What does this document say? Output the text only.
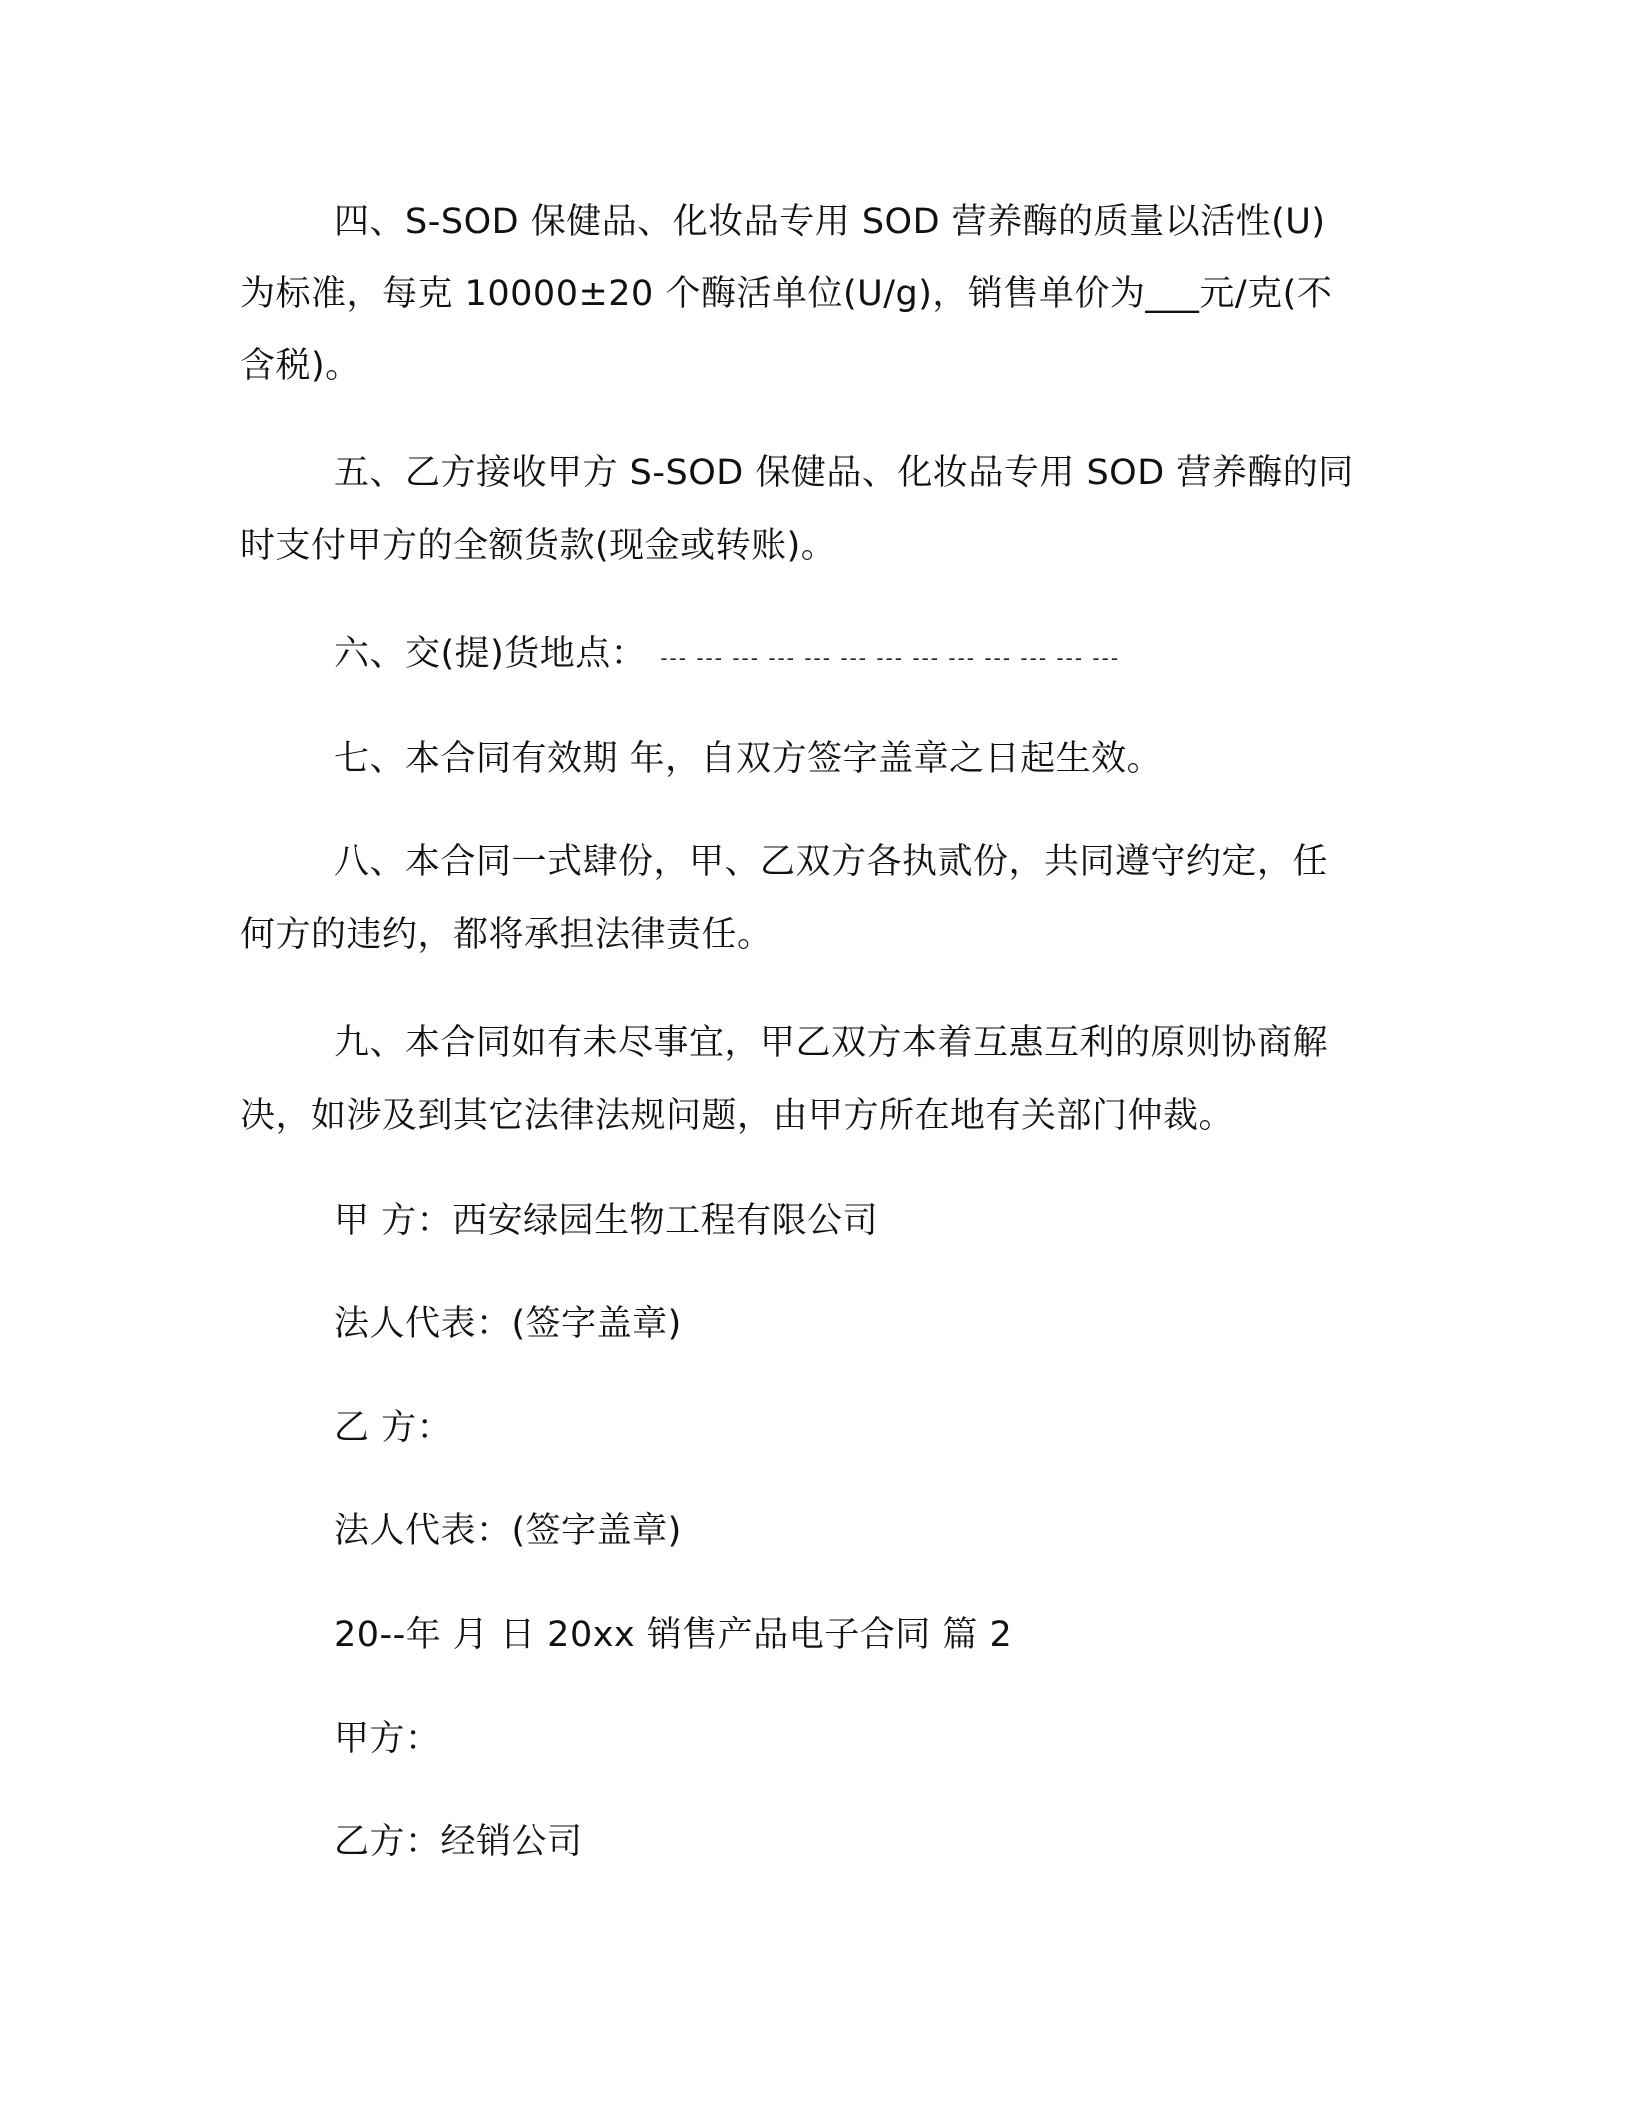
四、S-SOD 保健品、化妆品专用 SOD 营养酶的质量以活性(U)
为标准，每克 10000±20 个酶活单位(U/g)，销售单价为___元/克(不
含税)。
五、乙方接收甲方 S-SOD 保健品、化妆品专用 SOD 营养酶的同
时支付甲方的全额货款(现金或转账)。
六、交(提)货地点： --- --- --- --- --- --- --- --- --- --- --- --- ---
七、本合同有效期 年，自双方签字盖章之日起生效。
八、本合同一式肆份，甲、乙双方各执贰份，共同遵守约定，任
何方的违约，都将承担法律责任。
九、本合同如有未尽事宜，甲乙双方本着互惠互利的原则协商解
决，如涉及到其它法律法规问题，由甲方所在地有关部门仲裁。
甲 方：西安绿园生物工程有限公司
法人代表：(签字盖章)
乙 方：
法人代表：(签字盖章)
20--年 月 日 20xx 销售产品电子合同 篇 2
甲方：
乙方：经销公司
